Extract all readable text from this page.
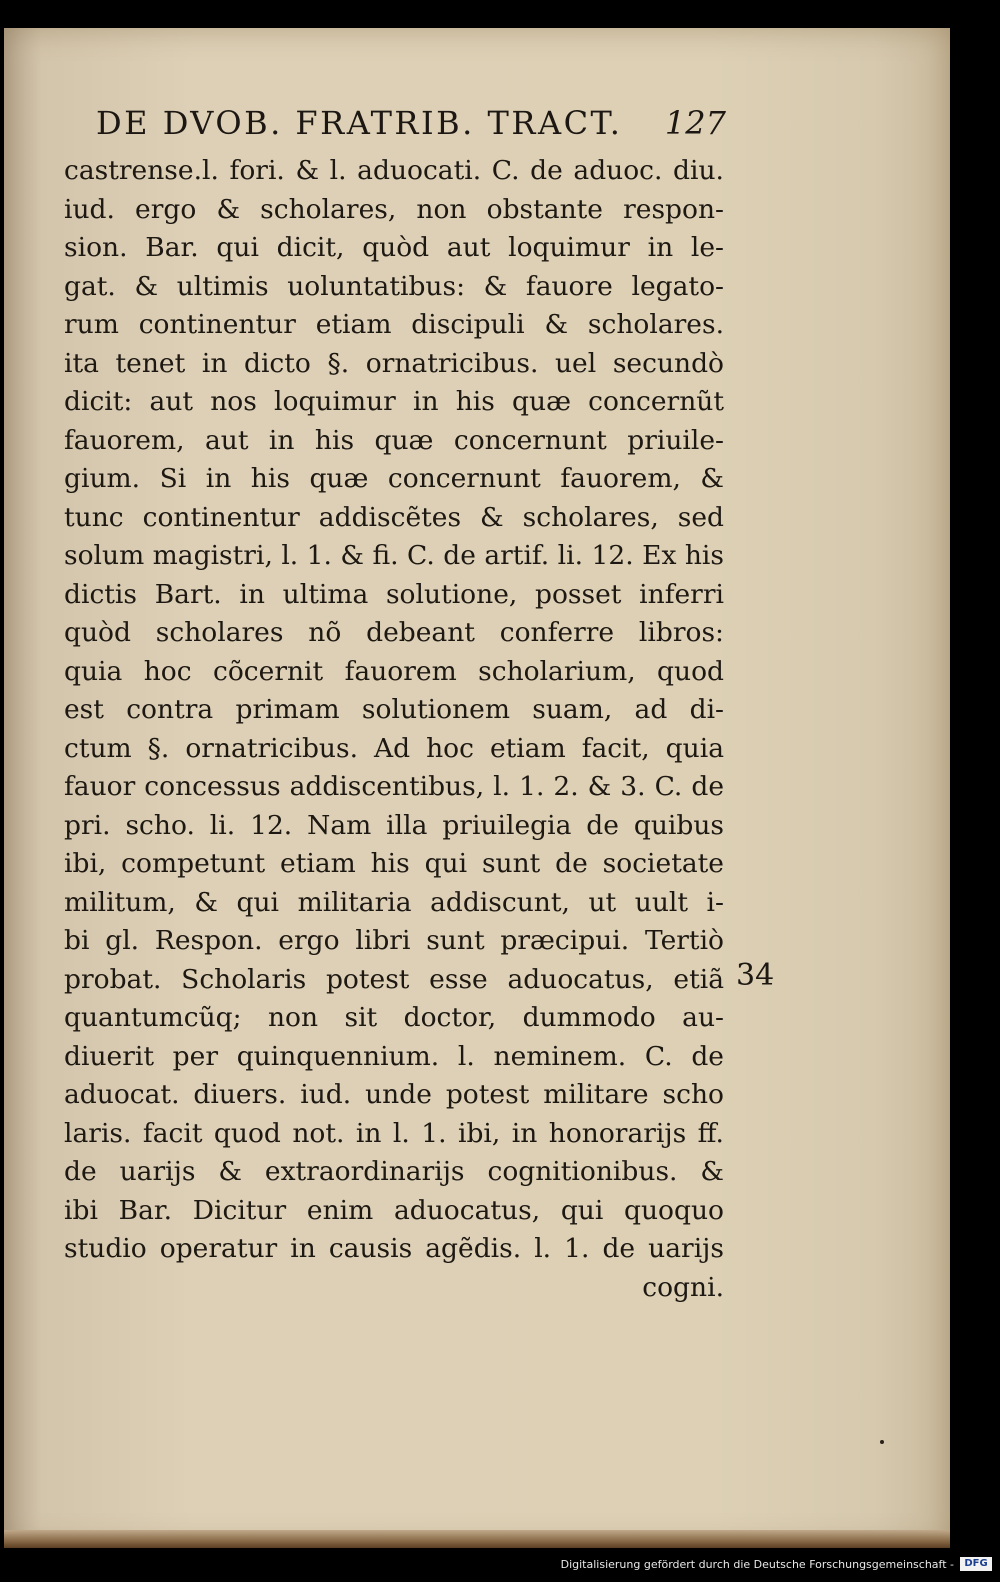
DE DVOB. FRATRIB. TRACT. 127
castrense.l. fori. & l. aduocati. C. de aduoc. diu.
iud. ergo & scholares, non obstante respon-
sion. Bar. qui dicit, quòd aut loquimur in le-
gat. & ultimis uoluntatibus: & fauore legato-
rum continentur etiam discipuli & scholares.
ita tenet in dicto §. ornatricibus. uel secundò
dicit: aut nos loquimur in his quæ concernũt
fauorem, aut in his quæ concernunt priuile-
gium. Si in his quæ concernunt fauorem, &
tunc continentur addiscẽtes & scholares, sed
solum magistri, l. 1. & fi. C. de artif. li. 12. Ex his
dictis Bart. in ultima solutione, posset inferri
quòd scholares nõ debeant conferre libros:
quia hoc cõcernit fauorem scholarium, quod
est contra primam solutionem suam, ad di-
ctum §. ornatricibus. Ad hoc etiam facit, quia
fauor concessus addiscentibus, l. 1. 2. & 3. C. de
pri. scho. li. 12. Nam illa priuilegia de quibus
ibi, competunt etiam his qui sunt de societate
militum, & qui militaria addiscunt, ut uult i-
bi gl. Respon. ergo libri sunt præcipui. Tertiò
probat. Scholaris potest esse aduocatus, etiã
quantumcũq; non sit doctor, dummodo au-
diuerit per quinquennium. l. neminem. C. de
aduocat. diuers. iud. unde potest militare scho
laris. facit quod not. in l. 1. ibi, in honorarijs ff.
de uarijs & extraordinarijs cognitionibus. &
ibi Bar. Dicitur enim aduocatus, qui quoquo
studio operatur in causis agẽdis. l. 1. de uarijs
cogni.
34
Digitalisierung gefördert durch die Deutsche Forschungsgemeinschaft -	DFG
